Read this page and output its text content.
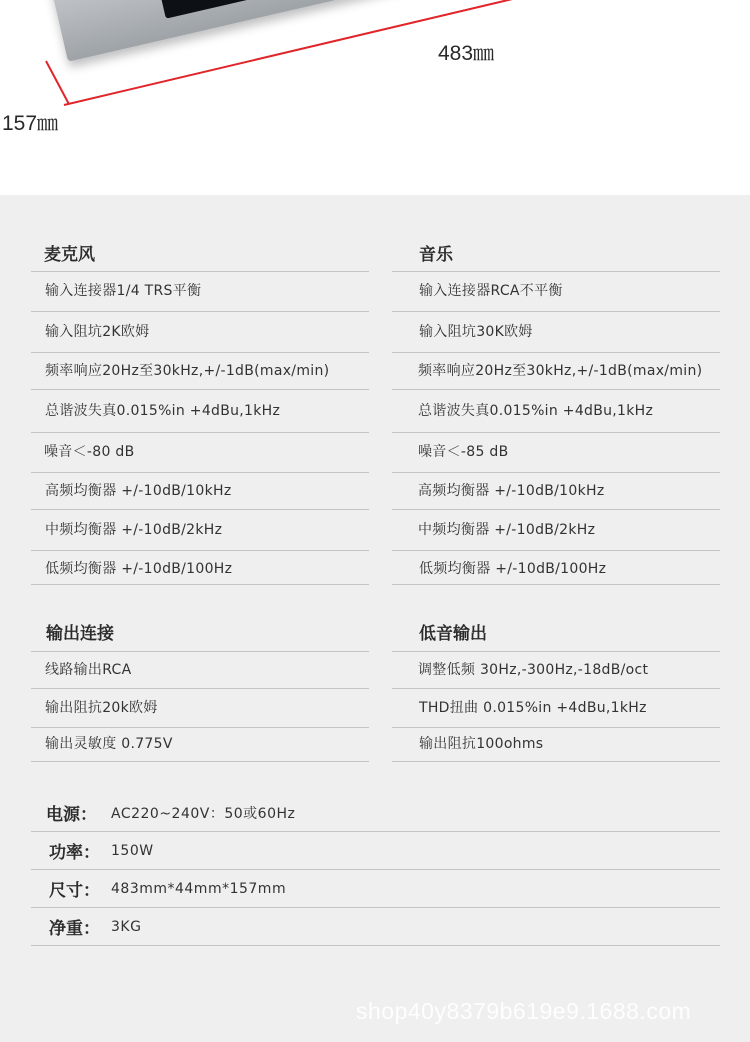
483㎜
157㎜
麦克风
输入连接器1/4 TRS平衡
输入阻坑2K欧姆
频率响应20Hz至30kHz,+/-1dB(max/min)
总谐波失真0.015%in +4dBu,1kHz
噪音＜-80 dB
高频均衡器 +/-10dB/10kHz
中频均衡器 +/-10dB/2kHz
低频均衡器 +/-10dB/100Hz
音乐
输入连接器RCA不平衡
输入阻坑30K欧姆
频率响应20Hz至30kHz,+/-1dB(max/min)
总谐波失真0.015%in +4dBu,1kHz
噪音＜-85 dB
高频均衡器 +/-10dB/10kHz
中频均衡器 +/-10dB/2kHz
低频均衡器 +/-10dB/100Hz
输出连接
线路输出RCA
输出阻抗20k欧姆
输出灵敏度 0.775V
低音输出
调整低频 30Hz,-300Hz,-18dB/oct
THD扭曲 0.015%in +4dBu,1kHz
输出阻抗100ohms
电源：	AC220~240V：50或60Hz
功率： 150W
尺寸： 483mm*44mm*157mm
净重： 3KG
shop40y8379b619e9.1688.com
